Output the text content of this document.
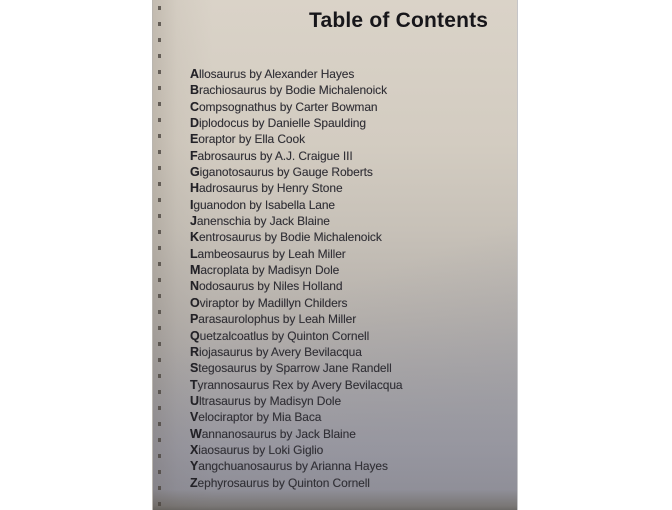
Table of Contents
Allosaurus by Alexander Hayes
Brachiosaurus by Bodie Michalenoick
Compsognathus by Carter Bowman
Diplodocus by Danielle Spaulding
Eoraptor by Ella Cook
Fabrosaurus by A.J. Craigue III
Giganotosaurus by Gauge Roberts
Hadrosaurus by Henry Stone
Iguanodon by Isabella Lane
Janenschia by Jack Blaine
Kentrosaurus by Bodie Michalenoick
Lambeosaurus by Leah Miller
Macroplata by Madisyn Dole
Nodosaurus by Niles Holland
Oviraptor by Madillyn Childers
Parasaurolophus by Leah Miller
Quetzalcoatlus by Quinton Cornell
Riojasaurus by Avery Bevilacqua
Stegosaurus by Sparrow Jane Randell
Tyrannosaurus Rex by Avery Bevilacqua
Ultrasaurus by Madisyn Dole
Velociraptor by Mia Baca
Wannanosaurus by Jack Blaine
Xiaosaurus by Loki Giglio
Yangchuanosaurus by Arianna Hayes
Zephyrosaurus by Quinton Cornell
